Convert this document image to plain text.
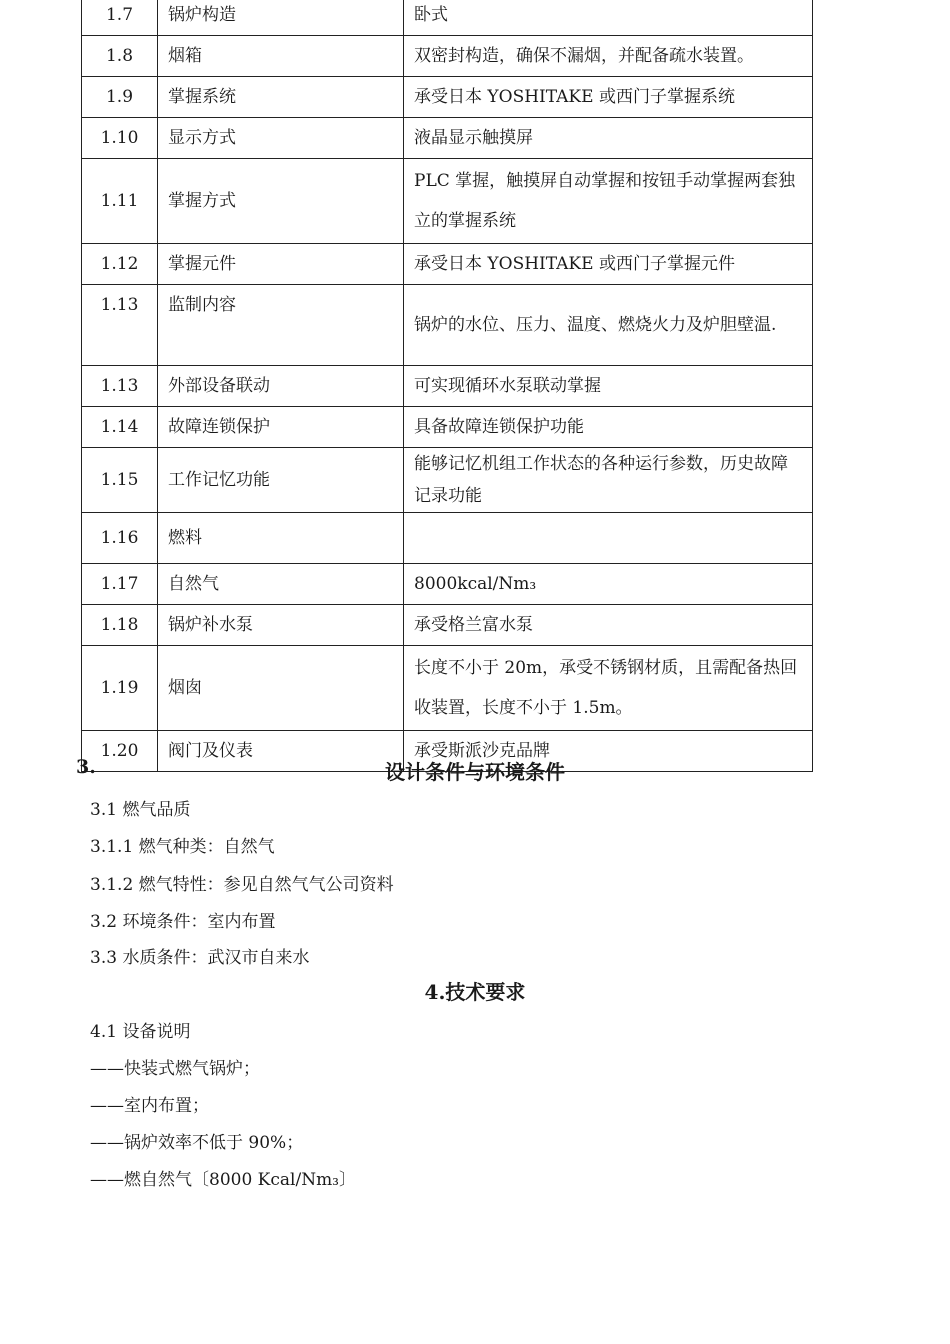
1.7	锅炉构造	卧式
1.8	烟箱	双密封构造，确保不漏烟，并配备疏水装置。
1.9	掌握系统	承受日本 YOSHITAKE 或西门子掌握系统
1.10	显示方式	液晶显示触摸屏
1.11	掌握方式	PLC 掌握，触摸屏自动掌握和按钮手动掌握两套独立的掌握系统
1.12	掌握元件	承受日本 YOSHITAKE 或西门子掌握元件
1.13	监制内容	锅炉的水位、压力、温度、燃烧火力及炉胆壁温.
1.13	外部设备联动	可实现循环水泵联动掌握
1.14	故障连锁保护	具备故障连锁保护功能
1.15	工作记忆功能	能够记忆机组工作状态的各种运行参数，历史故障记录功能
1.16	燃料	
1.17	自然气	8000kcal/Nm₃
1.18	锅炉补水泵	承受格兰富水泵
1.19	烟囱	长度不小于 20m，承受不锈钢材质，且需配备热回收装置，长度不小于 1.5m。
1.20	阀门及仪表	承受斯派沙克品牌
3.	设计条件与环境条件
3.1 燃气品质
3.1.1 燃气种类：自然气
3.1.2 燃气特性：参见自然气气公司资料
3.2 环境条件：室内布置
3.3 水质条件：武汉市自来水
4.技术要求
4.1 设备说明
——快装式燃气锅炉；
——室内布置；
——锅炉效率不低于 90%；
——燃自然气〔8000 Kcal/Nm₃〕
